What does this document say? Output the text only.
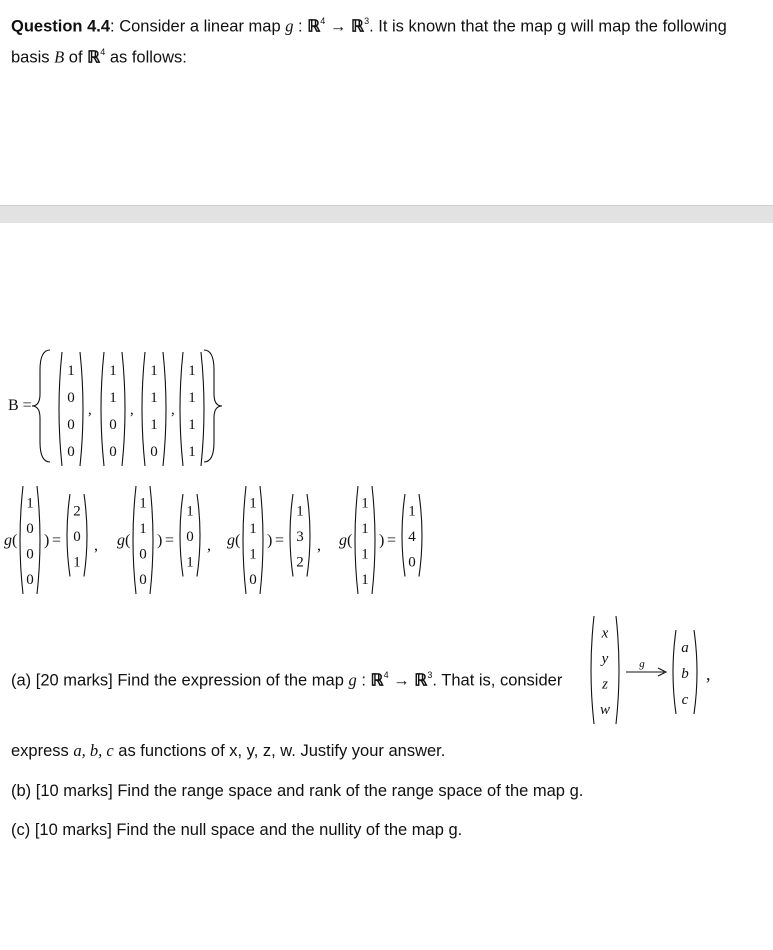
Question 4.4: Consider a linear map g : ℝ$^4$ → ℝ$^3$. It is known that the map g will map the following
basis B of ℝ$^4$ as follows:
B =
1
0
0
0
,
1
1
0
0
,
1
1
1
0
,
1
1
1
1
g (
1
0
0
0
) =
2
0
1
, g (
1
1
0
0
) =
1
0
1
, g (
1
1
1
0
) =
1
3
2
, g (
1
1
1
1
) =
1
4
0
(a) [20 marks] Find the expression of the map g : ℝ$^4$ → ℝ$^3$. That is, consider
x
y
z
w
g
a
b
c
,
express a, b, c as functions of x, y, z, w. Justify your answer.
(b) [10 marks] Find the range space and rank of the range space of the map g.
(c) [10 marks] Find the null space and the nullity of the map g.
